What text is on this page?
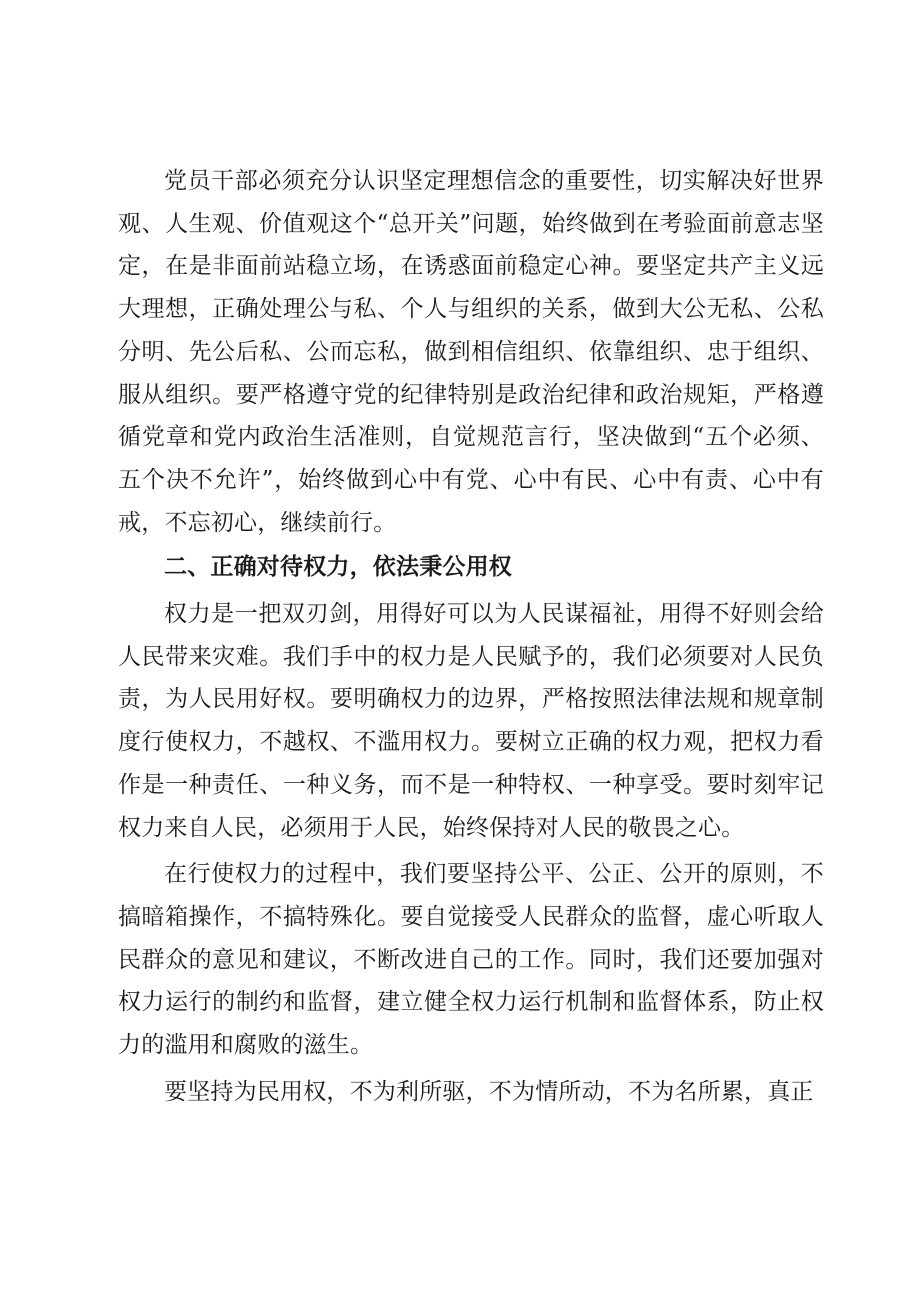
党员干部必须充分认识坚定理想信念的重要性，切实解决好世界观、人生观、价值观这个“总开关”问题，始终做到在考验面前意志坚定，在是非面前站稳立场，在诱惑面前稳定心神。要坚定共产主义远大理想，正确处理公与私、个人与组织的关系，做到大公无私、公私分明、先公后私、公而忘私，做到相信组织、依靠组织、忠于组织、服从组织。要严格遵守党的纪律特别是政治纪律和政治规矩，严格遵循党章和党内政治生活准则，自觉规范言行，坚决做到“五个必须、五个决不允许”，始终做到心中有党、心中有民、心中有责、心中有戒，不忘初心，继续前行。

二、正确对待权力，依法秉公用权

权力是一把双刃剑，用得好可以为人民谋福祉，用得不好则会给人民带来灾难。我们手中的权力是人民赋予的，我们必须要对人民负责，为人民用好权。要明确权力的边界，严格按照法律法规和规章制度行使权力，不越权、不滥用权力。要树立正确的权力观，把权力看作是一种责任、一种义务，而不是一种特权、一种享受。要时刻牢记权力来自人民，必须用于人民，始终保持对人民的敬畏之心。

在行使权力的过程中，我们要坚持公平、公正、公开的原则，不搞暗箱操作，不搞特殊化。要自觉接受人民群众的监督，虚心听取人民群众的意见和建议，不断改进自己的工作。同时，我们还要加强对权力运行的制约和监督，建立健全权力运行机制和监督体系，防止权力的滥用和腐败的滋生。

要坚持为民用权，不为利所驱，不为情所动，不为名所累，真正
